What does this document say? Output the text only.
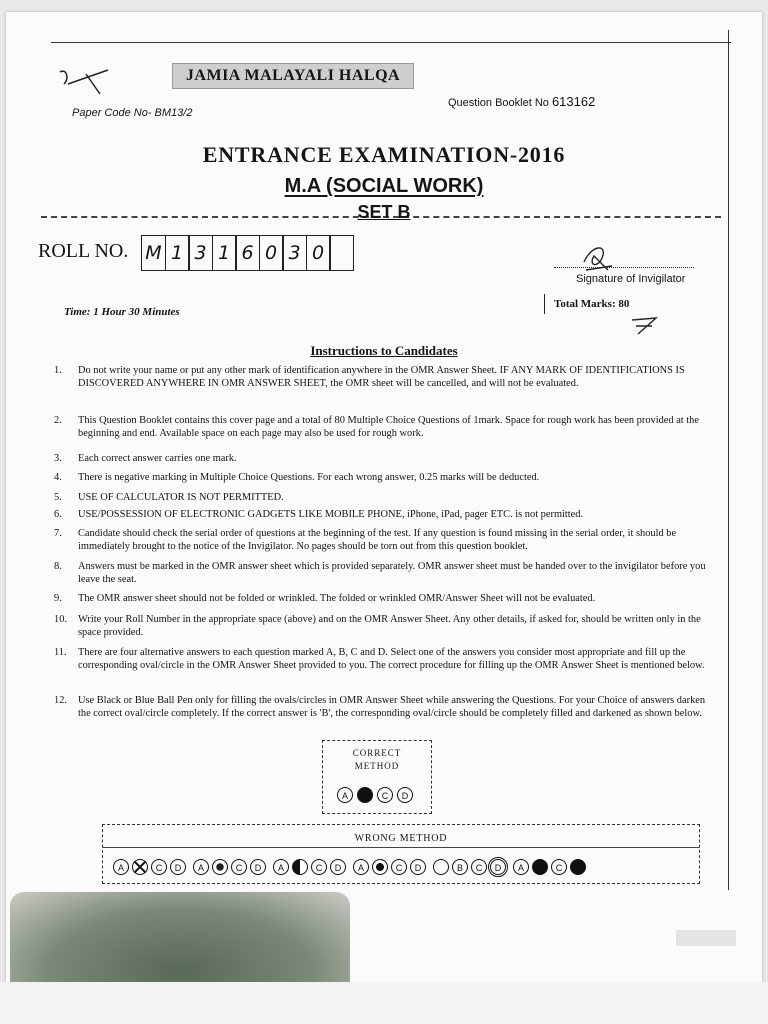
JAMIA MALAYALI HALQA
Paper Code No- BM13/2
Question Booklet No 613162
ENTRANCE EXAMINATION-2016
M.A (SOCIAL WORK)
SET B
ROLL NO. M 1 3 1 6 0 3 0
Signature of Invigilator
Time: 1 Hour 30 Minutes
Total Marks: 80
Instructions to Candidates
1. Do not write your name or put any other mark of identification anywhere in the OMR Answer Sheet. IF ANY MARK OF IDENTIFICATIONS IS DISCOVERED ANYWHERE IN OMR ANSWER SHEET, the OMR sheet will be cancelled, and will not be evaluated.
2. This Question Booklet contains this cover page and a total of 80 Multiple Choice Questions of 1mark. Space for rough work has been provided at the beginning and end. Available space on each page may also be used for rough work.
3. Each correct answer carries one mark.
4. There is negative marking in Multiple Choice Questions. For each wrong answer, 0.25 marks will be deducted.
5. USE OF CALCULATOR IS NOT PERMITTED.
6. USE/POSSESSION OF ELECTRONIC GADGETS LIKE MOBILE PHONE, iPhone, iPad, pager ETC. is not permitted.
7. Candidate should check the serial order of questions at the beginning of the test. If any question is found missing in the serial order, it should be immediately brought to the notice of the Invigilator. No pages should be torn out from this question booklet.
8. Answers must be marked in the OMR answer sheet which is provided separately. OMR answer sheet must be handed over to the invigilator before you leave the seat.
9. The OMR answer sheet should not be folded or wrinkled. The folded or wrinkled OMR/Answer Sheet will not be evaluated.
10. Write your Roll Number in the appropriate space (above) and on the OMR Answer Sheet. Any other details, if asked for, should be written only in the space provided.
11. There are four alternative answers to each question marked A, B, C and D. Select one of the answers you consider most appropriate and fill up the corresponding oval/circle in the OMR Answer Sheet provided to you. The correct procedure for filling up the OMR Answer Sheet is mentioned below.
12. Use Black or Blue Ball Pen only for filling the ovals/circles in OMR Answer Sheet while answering the Questions. For your Choice of answers darken the correct oval/circle completely. If the correct answer is 'B', the corresponding oval/circle should be completely filled and darkened as shown below.
CORRECT
METHOD
A	C	D
WRONG METHOD
A	C	D	A	C	D	A	C	D	A	C	D	B	C	D	A	C
